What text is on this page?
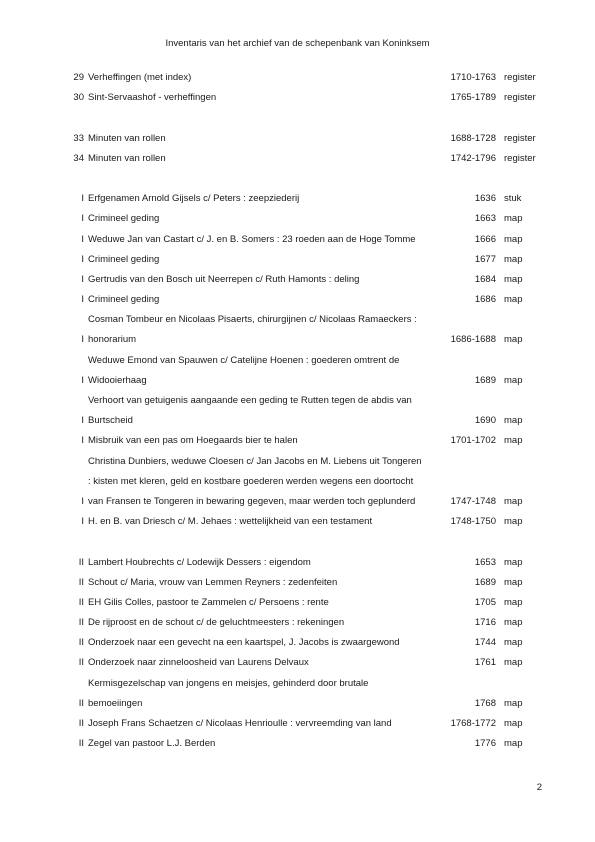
Inventaris van het archief van de schepenbank van Koninksem
29 Verheffingen (met index)	1710-1763 register
30 Sint-Servaashof - verheffingen	1765-1789 register
33 Minuten van rollen	1688-1728 register
34 Minuten van rollen	1742-1796 register
I Erfgenamen Arnold Gijsels c/ Peters : zeepziederij	1636 stuk
I Crimineel geding	1663 map
I Weduwe Jan van Castart c/ J. en B. Somers : 23 roeden aan de Hoge Tomme	1666 map
I Crimineel geding	1677 map
I Gertrudis van den Bosch uit Neerrepen c/ Ruth Hamonts : deling	1684 map
I Crimineel geding	1686 map
Cosman Tombeur en Nicolaas Pisaerts, chirurgijnen c/ Nicolaas Ramaeckers :
I honorarium	1686-1688 map
Weduwe Emond van Spauwen c/ Catelijne Hoenen : goederen omtrent de
I Widooierhaag	1689 map
Verhoort van getuigenis aangaande een geding te Rutten tegen de abdis van
I Burtscheid	1690 map
I Misbruik van een pas om Hoegaards bier te halen	1701-1702 map
Christina Dunbiers, weduwe Cloesen c/ Jan Jacobs en M. Liebens uit Tongeren
: kisten met kleren, geld en kostbare goederen werden wegens een doortocht
I van Fransen te Tongeren in bewaring gegeven, maar werden toch geplunderd	1747-1748 map
I H. en B. van Driesch c/ M. Jehaes : wettelijkheid van een testament	1748-1750 map
II Lambert Houbrechts c/ Lodewijk Dessers : eigendom	1653 map
II Schout c/ Maria, vrouw van Lemmen Reyners : zedenfeiten	1689 map
II EH Gilis Colles, pastoor te Zammelen c/ Persoens : rente	1705 map
II De rijproost en de schout c/ de geluchtmeesters : rekeningen	1716 map
II Onderzoek naar een gevecht na een kaartspel, J. Jacobs is zwaargewond	1744 map
II Onderzoek naar zinneloosheid van Laurens Delvaux	1761 map
Kermisgezelschap van jongens en meisjes, gehinderd door brutale
II bemoeiingen	1768 map
II Joseph Frans Schaetzen c/ Nicolaas Henrioulle : vervreemding van land	1768-1772 map
II Zegel van pastoor L.J. Berden	1776 map
2
